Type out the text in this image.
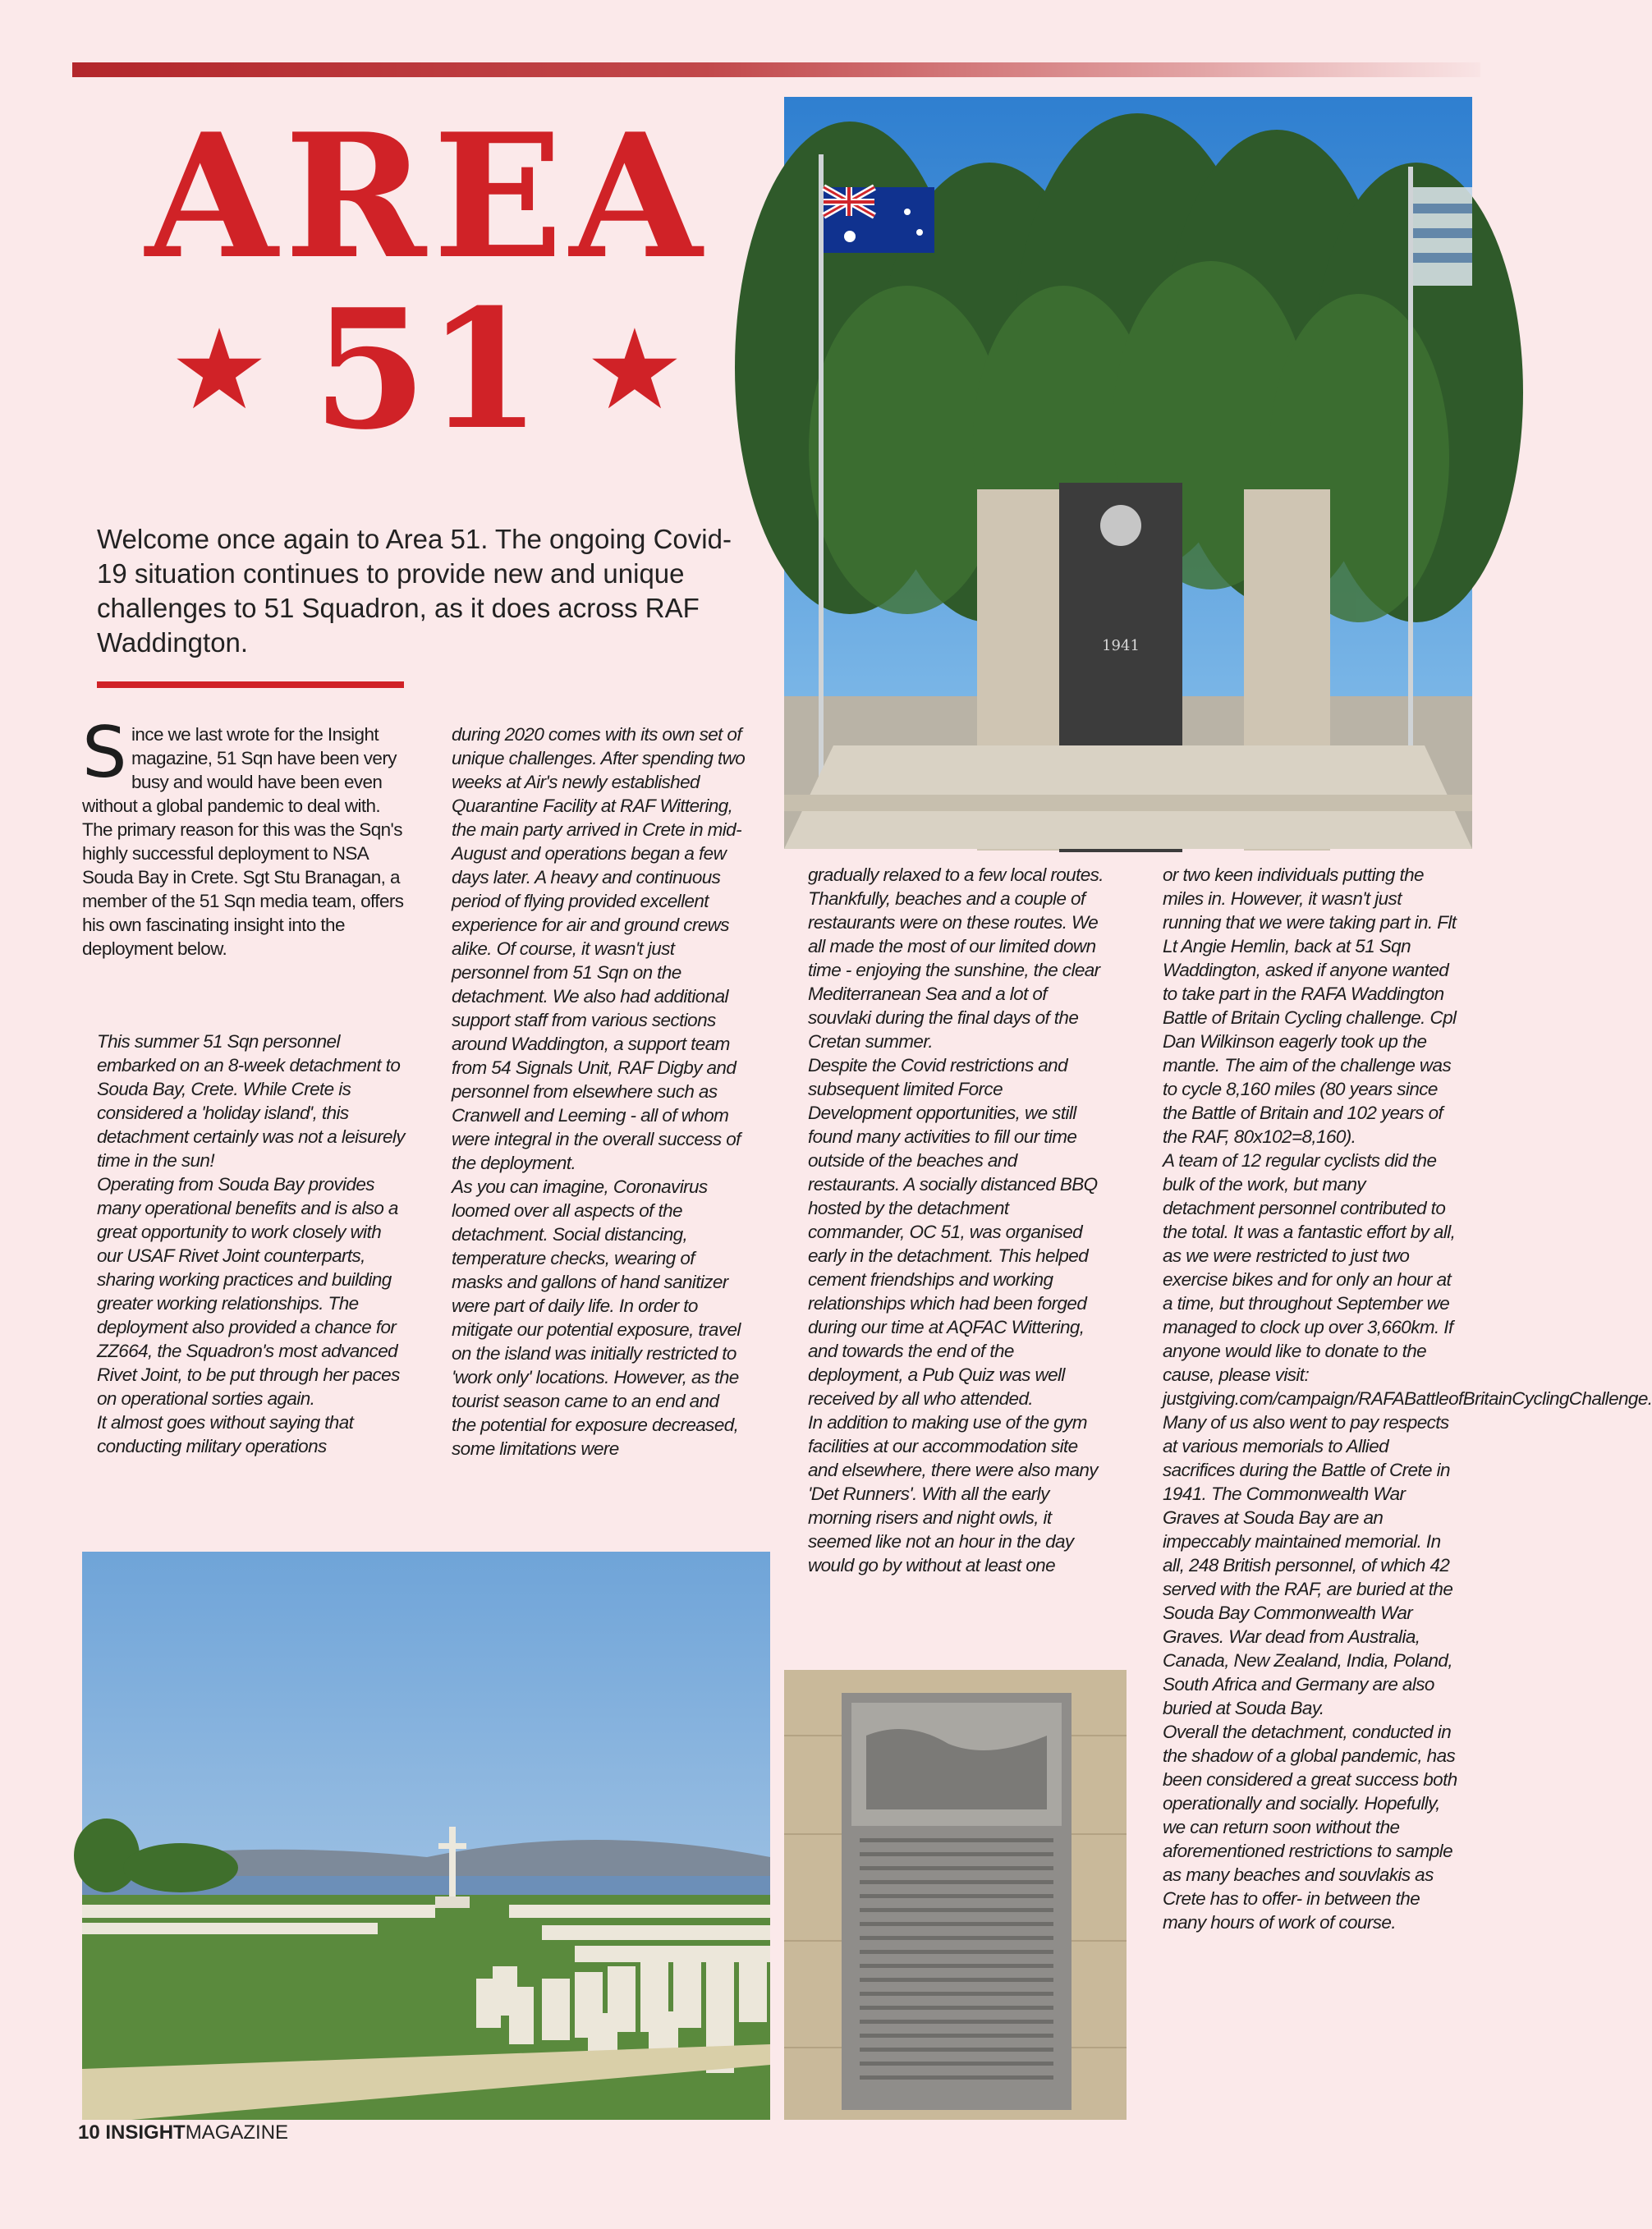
AREA
★ 51 ★
Welcome once again to Area 51. The ongoing Covid-19 situation continues to provide new and unique challenges to 51 Squadron, as it does across RAF Waddington.

Since we last wrote for the Insight magazine, 51 Sqn have been very busy and would have been even without a global pandemic to deal with. The primary reason for this was the Sqn's highly successful deployment to NSA Souda Bay in Crete. Sgt Stu Branagan, a member of the 51 Sqn media team, offers his own fascinating insight into the deployment below.

This summer 51 Sqn personnel embarked on an 8-week detachment to Souda Bay, Crete. While Crete is considered a 'holiday island', this detachment certainly was not a leisurely time in the sun!

Operating from Souda Bay provides many operational benefits and is also a great opportunity to work closely with our USAF Rivet Joint counterparts, sharing working practices and building greater working relationships. The deployment also provided a chance for ZZ664, the Squadron's most advanced Rivet Joint, to be put through her paces on operational sorties again.

It almost goes without saying that conducting military operations

during 2020 comes with its own set of unique challenges. After spending two weeks at Air's newly established Quarantine Facility at RAF Wittering, the main party arrived in Crete in mid-August and operations began a few days later. A heavy and continuous period of flying provided excellent experience for air and ground crews alike. Of course, it wasn't just personnel from 51 Sqn on the detachment. We also had additional support staff from various sections around Waddington, a support team from 54 Signals Unit, RAF Digby and personnel from elsewhere such as Cranwell and Leeming - all of whom were integral in the overall success of the deployment.

As you can imagine, Coronavirus loomed over all aspects of the detachment. Social distancing, temperature checks, wearing of masks and gallons of hand sanitizer were part of daily life. In order to mitigate our potential exposure, travel on the island was initially restricted to 'work only' locations. However, as the tourist season came to an end and the potential for exposure decreased, some limitations were

gradually relaxed to a few local routes. Thankfully, beaches and a couple of restaurants were on these routes. We all made the most of our limited down time - enjoying the sunshine, the clear Mediterranean Sea and a lot of souvlaki during the final days of the Cretan summer.

Despite the Covid restrictions and subsequent limited Force Development opportunities, we still found many activities to fill our time outside of the beaches and restaurants. A socially distanced BBQ hosted by the detachment commander, OC 51, was organised early in the detachment. This helped cement friendships and working relationships which had been forged during our time at AQFAC Wittering, and towards the end of the deployment, a Pub Quiz was well received by all who attended.

In addition to making use of the gym facilities at our accommodation site and elsewhere, there were also many 'Det Runners'. With all the early morning risers and night owls, it seemed like not an hour in the day would go by without at least one

or two keen individuals putting the miles in. However, it wasn't just running that we were taking part in. Flt Lt Angie Hemlin, back at 51 Sqn Waddington, asked if anyone wanted to take part in the RAFA Waddington Battle of Britain Cycling challenge. Cpl Dan Wilkinson eagerly took up the mantle. The aim of the challenge was to cycle 8,160 miles (80 years since the Battle of Britain and 102 years of the RAF, 80x102=8,160).

A team of 12 regular cyclists did the bulk of the work, but many detachment personnel contributed to the total. It was a fantastic effort by all, as we were restricted to just two exercise bikes and for only an hour at a time, but throughout September we managed to clock up over 3,660km. If anyone would like to donate to the cause, please visit: justgiving.com/campaign/RAFABattleofBritainCyclingChallenge.

Many of us also went to pay respects at various memorials to Allied sacrifices during the Battle of Crete in 1941. The Commonwealth War Graves at Souda Bay are an impeccably maintained memorial. In all, 248 British personnel, of which 42 served with the RAF, are buried at the Souda Bay Commonwealth War Graves. War dead from Australia, Canada, New Zealand, India, Poland, South Africa and Germany are also buried at Souda Bay.

Overall the detachment, conducted in the shadow of a global pandemic, has been considered a great success both operationally and socially. Hopefully, we can return soon without the aforementioned restrictions to sample as many beaches and souvlakis as Crete has to offer- in between the many hours of work of course.

1941
10 INSIGHTMAGAZINE
